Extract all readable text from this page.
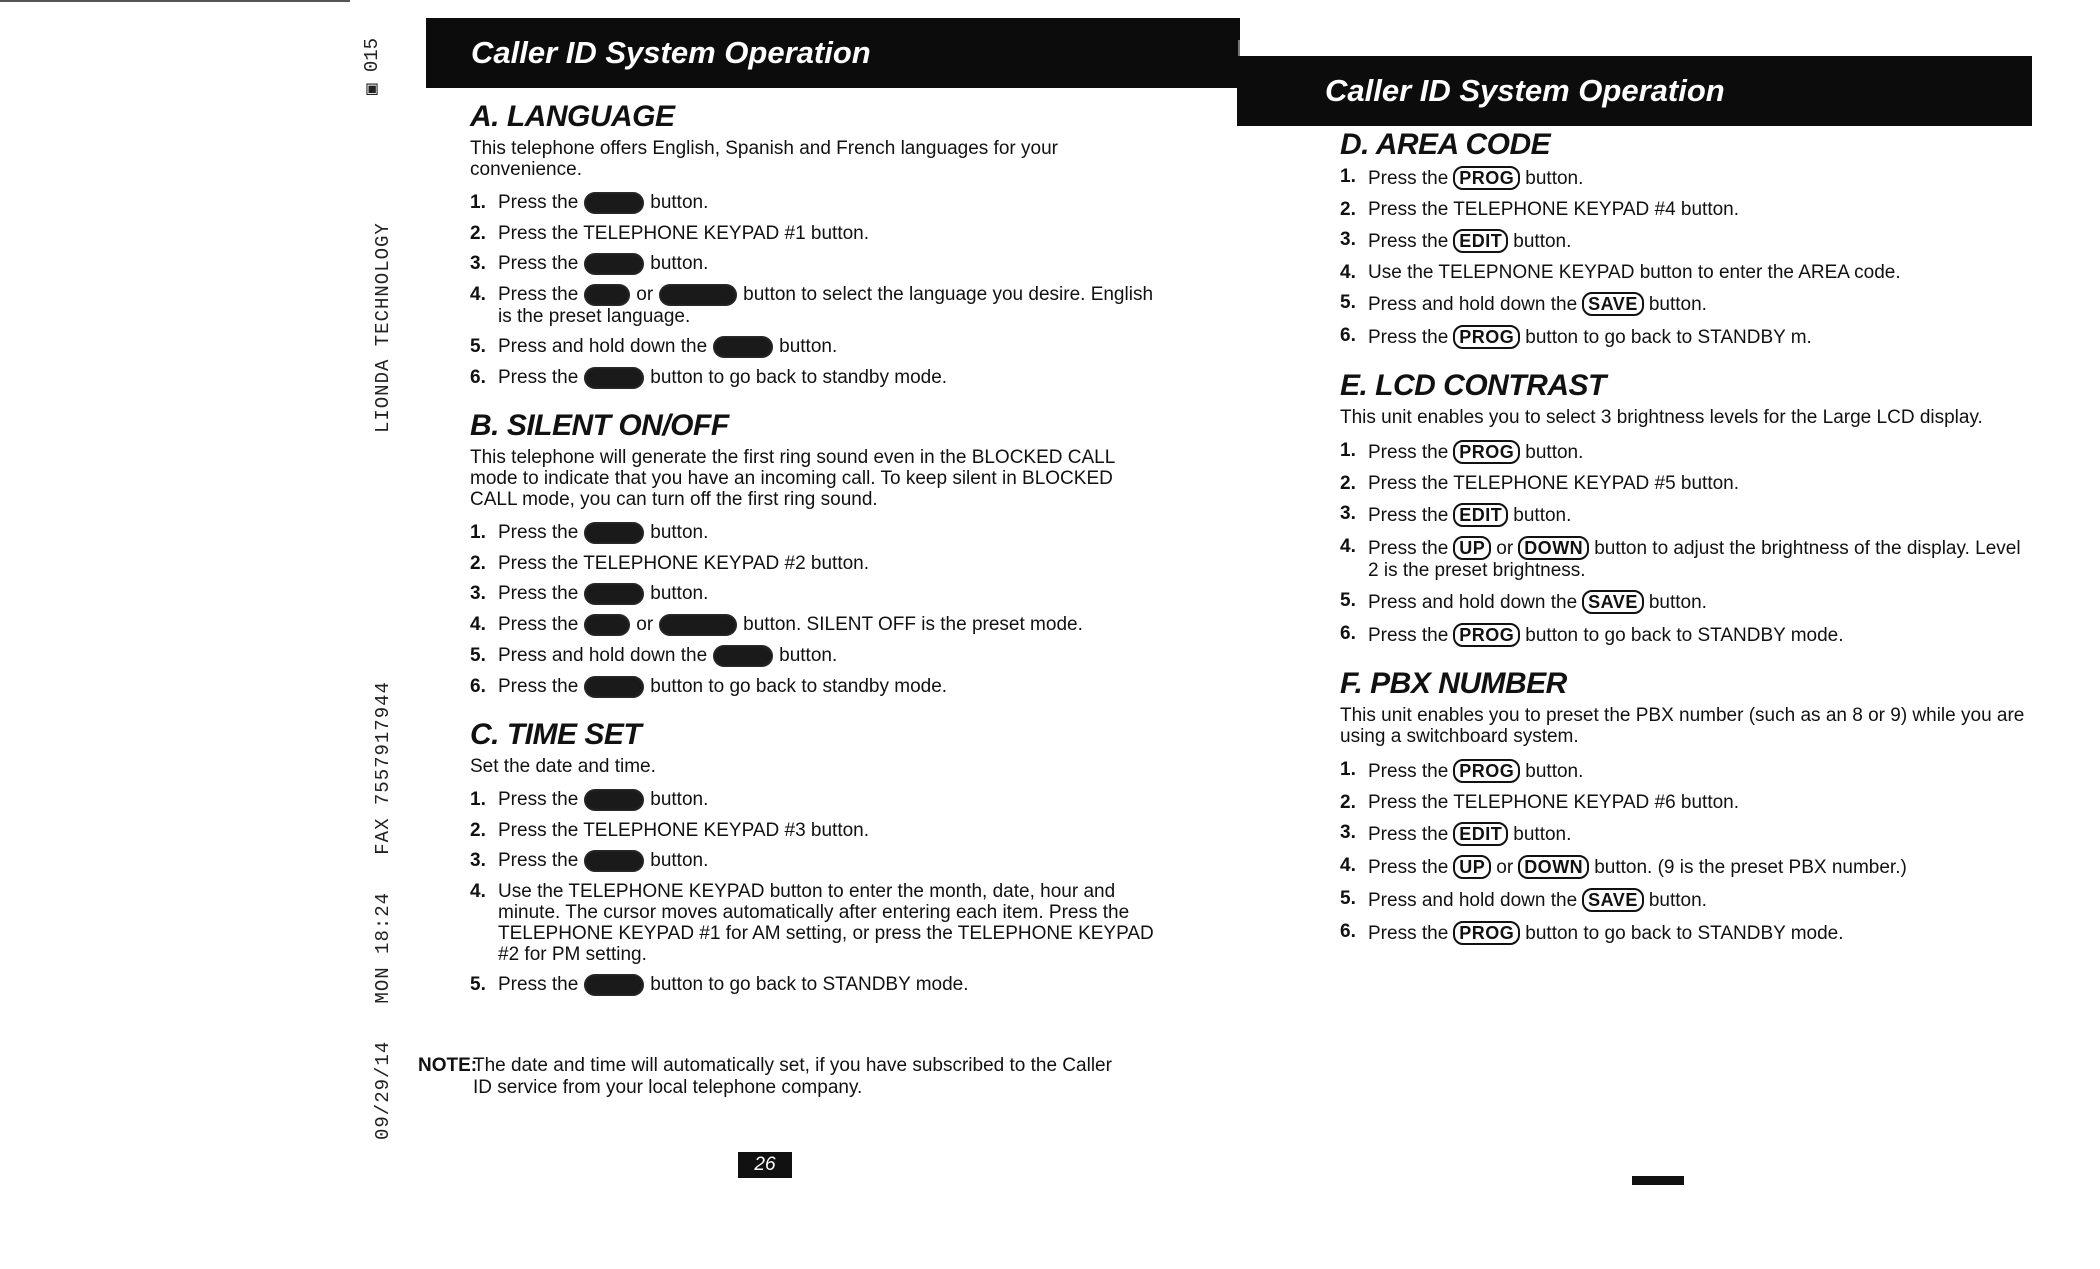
▣ 015
09/29/14   MON 18:24   FAX 7557917944                    LIONDA TECHNOLOGY
Caller ID System Operation
Caller ID System Operation
A. LANGUAGE

This telephone offers English, Spanish and French languages for your convenience.

1. Press the	button.
2. Press the TELEPHONE KEYPAD #1 button.
3. Press the	button.
4. Press the	or	button to select the language you desire. English is the preset language.
5. Press and hold down the	button.
6. Press the	button to go back to standby mode.
B. SILENT ON/OFF

This telephone will generate the first ring sound even in the BLOCKED CALL mode to indicate that you have an incoming call. To keep silent in BLOCKED CALL mode, you can turn off the first ring sound.

1. Press the	button.
2. Press the TELEPHONE KEYPAD #2 button.
3. Press the	button.
4. Press the	or	button. SILENT OFF is the preset mode.
5. Press and hold down the	button.
6. Press the	button to go back to standby mode.
C. TIME SET

Set the date and time.

1. Press the	button.
2. Press the TELEPHONE KEYPAD #3 button.
3. Press the	button.
4. Use the TELEPHONE KEYPAD button to enter the month, date, hour and minute. The cursor moves automatically after entering each item. Press the TELEPHONE KEYPAD #1 for AM setting, or press the TELEPHONE KEYPAD #2 for PM setting.
5. Press the	button to go back to STANDBY mode.
D. AREA CODE
1. Press the PROG button.
2. Press the TELEPHONE KEYPAD #4 button.
3. Press the EDIT button.
4. Use the TELEPNONE KEYPAD button to enter the AREA code.
5. Press and hold down the SAVE button.
6. Press the PROG button to go back to STANDBY m.
E. LCD CONTRAST

This unit enables you to select 3 brightness levels for the Large LCD display.

1. Press the PROG button.
2. Press the TELEPHONE KEYPAD #5 button.
3. Press the EDIT button.
4. Press the UP or DOWN button to adjust the brightness of the display. Level 2 is the preset brightness.
5. Press and hold down the SAVE button.
6. Press the PROG button to go back to STANDBY mode.
F. PBX NUMBER

This unit enables you to preset the PBX number (such as an 8 or 9) while you are using a switchboard system.

1. Press the PROG button.
2. Press the TELEPHONE KEYPAD #6 button.
3. Press the EDIT button.
4. Press the UP or DOWN button. (9 is the preset PBX number.)
5. Press and hold down the SAVE button.
6. Press the PROG button to go back to STANDBY mode.
NOTE:
The date and time will automatically set, if you have subscribed to the Caller ID service from your local telephone company.
26
